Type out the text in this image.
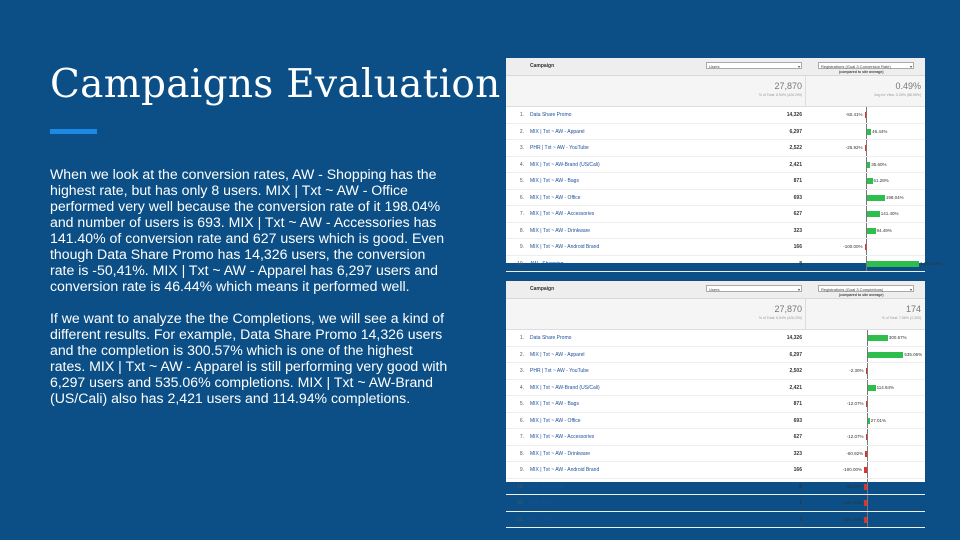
Campaigns Evaluation

When we look at the conversion rates, AW - Shopping has the highest rate, but has only 8 users. MIX | Txt ~ AW - Office performed very well because the conversion rate of it 198.04% and number of users is 693. MIX | Txt ~ AW - Accessories has 141.40% of conversion rate and 627 users which is good. Even though Data Share Promo has 14,326 users, the conversion rate is -50,41%. MIX | Txt ~ AW - Apparel has 6,297 users and conversion rate is 46.44% which means it performed well.

If we want to analyze the the Completions, we will see a kind of different results. For example, Data Share Promo 14,326 users and the completion is 300.57% which is one of the highest rates. MIX | Txt ~ AW - Apparel is still performing very good with 6,297 users and 535.06% completions. MIX | Txt ~ AW-Brand (US/Cali) also has 2,421 users and 114.94% completions.

Campaign	Users	▾	Registrations (Goal 3 Conversion Rate)	▾
(compared to site average)
27,870
% of Total: 6.54% (426,299)
0.49%
Avg for View: 0.26% (88.59%)
1. Data Share Promo	14,326	-50.41%
2. MIX | Txt ~ AW - Apparel	6,297	46.44%
3. PHR | Txt ~ AW - YouTube	2,522	-25.92%
4. MIX | Txt ~ AW-Brand (US/Cali)	2,421	35.60%
5. MIX | Txt ~ AW - Bags	871	61.28%
6. MIX | Txt ~ AW - Office	693	198.04%
7. MIX | Txt ~ AW - Accessories	627	141.40%
8. MIX | Txt ~ AW - Drinkware	323	94.49%
9. MIX | Txt ~ AW - Android Brand	166	-100.00%
10. AW - Shopping	8	1,267.65%
Campaign	Users	▾	Registrations (Goal 3 Completions)	▾
(compared to site average)
27,870
% of Total: 6.54% (426,299)
174
% of Total: 7.56% (2,300)
1. Data Share Promo	14,326	300.57%
2. MIX | Txt ~ AW - Apparel	6,297	535.06%
3. PHR | Txt ~ AW - YouTube	2,502	-2.30%
4. MIX | Txt ~ AW-Brand (US/Cali)	2,421	114.94%
5. MIX | Txt ~ AW - Bags	871	-12.07%
6. MIX | Txt ~ AW - Office	693	27.01%
7. MIX | Txt ~ AW - Accessories	627	-12.07%
8. MIX | Txt ~ AW - Drinkware	323	-60.92%
9. MIX | Txt ~ AW - Android Brand	166	-100.00%
10. AW - Shopping	8	-90.23%
11. AW - Bags	7	-100.00%
12. AW - Office	7	-100.00%
